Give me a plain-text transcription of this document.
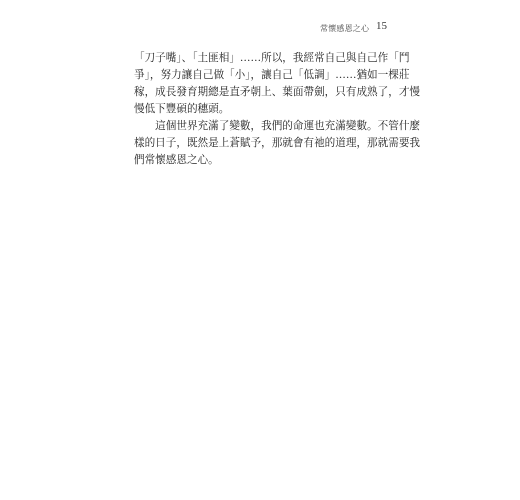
常懷感恩之心 15
「刀子嘴」、「土匪相」……所以，我經常自己與自己作「鬥
爭」，努力讓自己做「小」，讓自己「低調」……猶如一棵莊
稼，成長發育期總是直矛朝上、葉面帶劍，只有成熟了，才慢
慢低下豐碩的穗頭。
　　這個世界充滿了變數，我們的命運也充滿變數。不管什麼
樣的日子，既然是上蒼賦予，那就會有祂的道理，那就需要我
們常懷感恩之心。
